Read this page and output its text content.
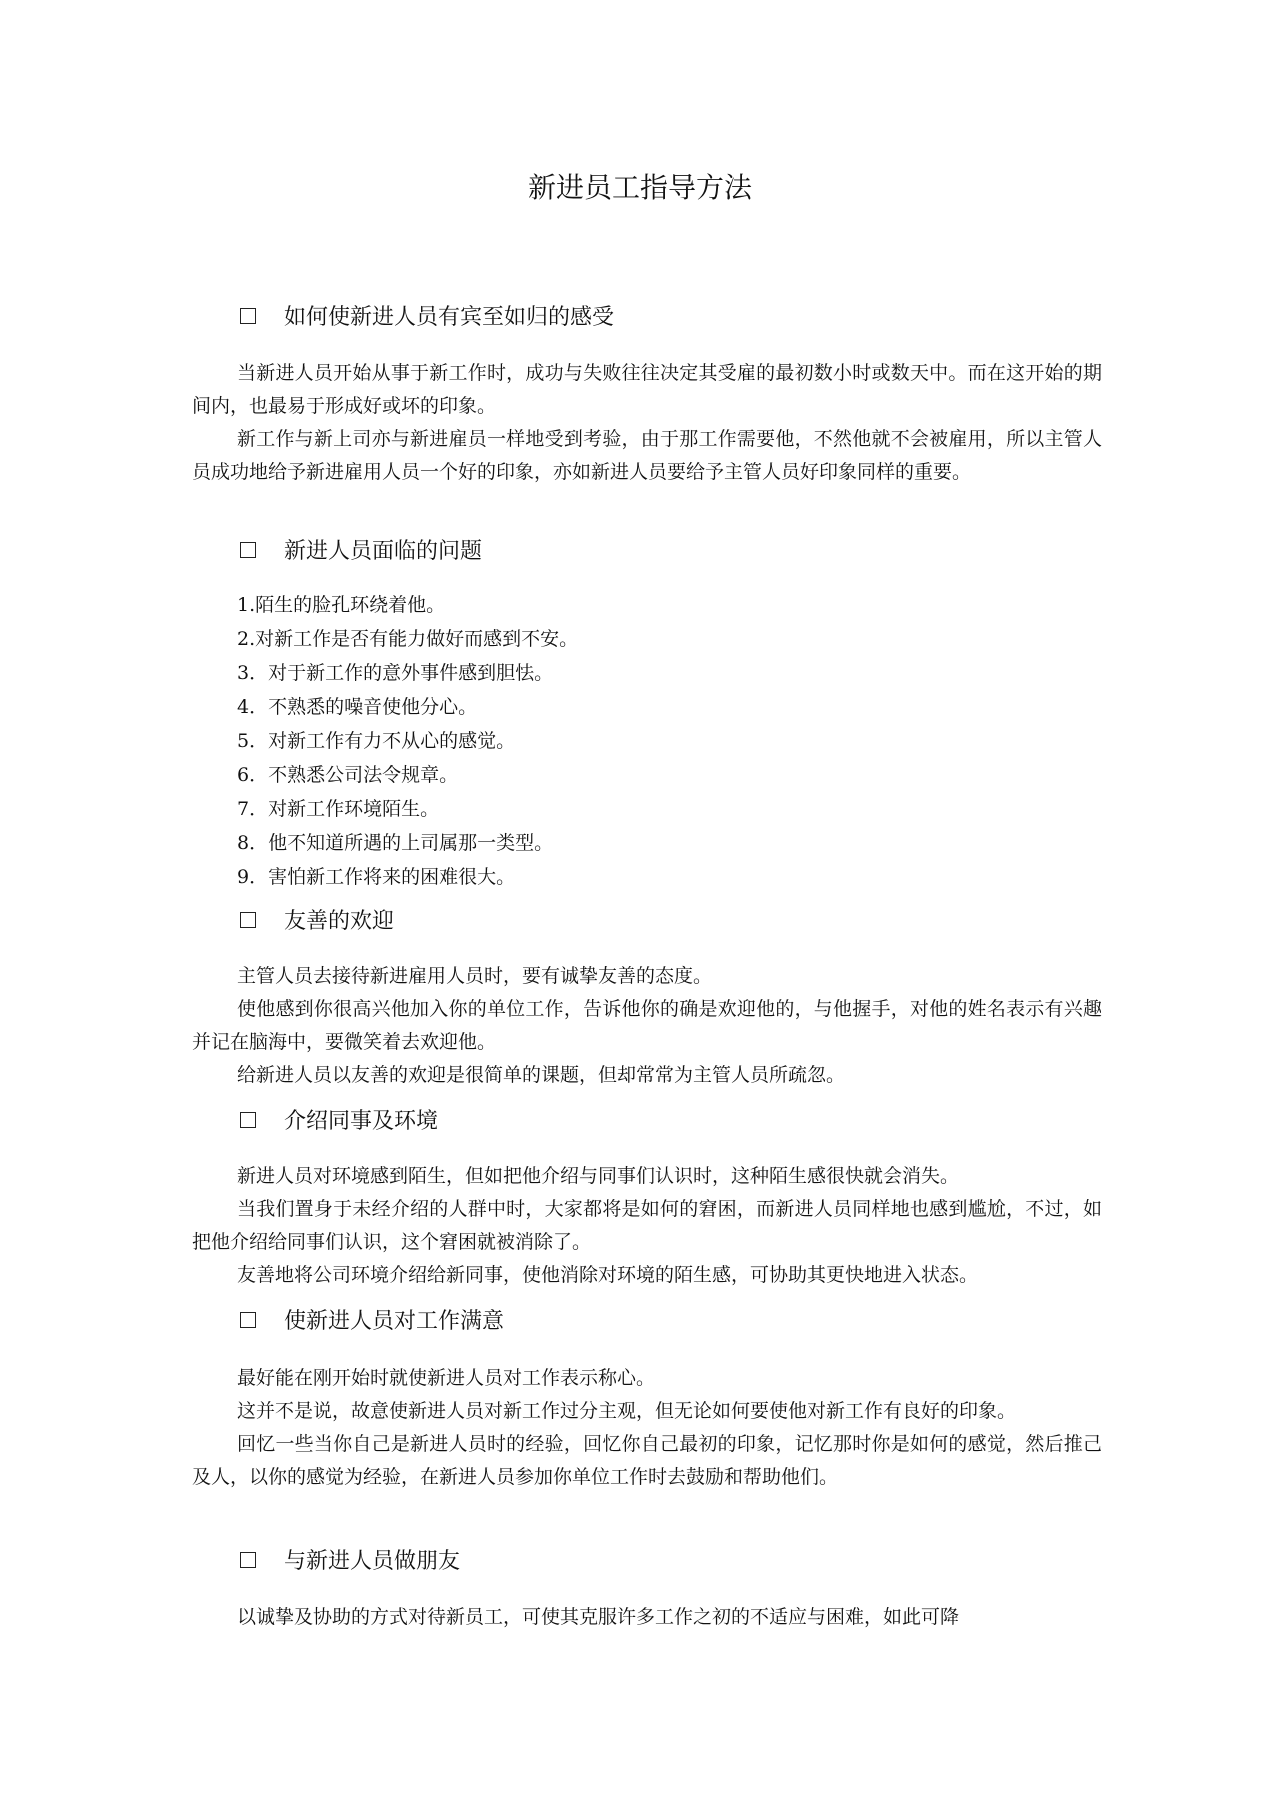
新进员工指导方法
如何使新进人员有宾至如归的感受

当新进人员开始从事于新工作时，成功与失败往往决定其受雇的最初数小时或数天中。而在这开始的期间内，也最易于形成好或坏的印象。

新工作与新上司亦与新进雇员一样地受到考验，由于那工作需要他，不然他就不会被雇用，所以主管人员成功地给予新进雇用人员一个好的印象，亦如新进人员要给予主管人员好印象同样的重要。

新进人员面临的问题
1.陌生的脸孔环绕着他。
2.对新工作是否有能力做好而感到不安。
3．对于新工作的意外事件感到胆怯。
4．不熟悉的噪音使他分心。
5．对新工作有力不从心的感觉。
6．不熟悉公司法令规章。
7．对新工作环境陌生。
8．他不知道所遇的上司属那一类型。
9．害怕新工作将来的困难很大。
友善的欢迎

主管人员去接待新进雇用人员时，要有诚挚友善的态度。

使他感到你很高兴他加入你的单位工作，告诉他你的确是欢迎他的，与他握手，对他的姓名表示有兴趣并记在脑海中，要微笑着去欢迎他。

给新进人员以友善的欢迎是很简单的课题，但却常常为主管人员所疏忽。

介绍同事及环境

新进人员对环境感到陌生，但如把他介绍与同事们认识时，这种陌生感很快就会消失。

当我们置身于未经介绍的人群中时，大家都将是如何的窘困，而新进人员同样地也感到尴尬，不过，如把他介绍给同事们认识，这个窘困就被消除了。

友善地将公司环境介绍给新同事，使他消除对环境的陌生感，可协助其更快地进入状态。

使新进人员对工作满意

最好能在刚开始时就使新进人员对工作表示称心。

这并不是说，故意使新进人员对新工作过分主观，但无论如何要使他对新工作有良好的印象。

回忆一些当你自己是新进人员时的经验，回忆你自己最初的印象，记忆那时你是如何的感觉，然后推己及人，以你的感觉为经验，在新进人员参加你单位工作时去鼓励和帮助他们。

与新进人员做朋友

以诚挚及协助的方式对待新员工，可使其克服许多工作之初的不适应与困难，如此可降
